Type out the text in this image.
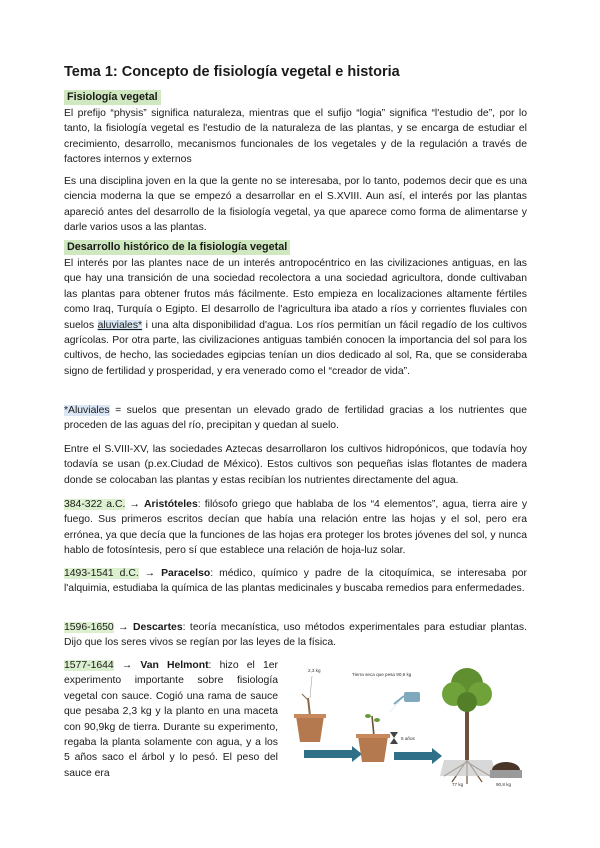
Tema 1: Concepto de fisiología vegetal e historia
Fisiología vegetal

El prefijo “physis” significa naturaleza, mientras que el sufijo “logia” significa “l'estudio de”, por lo tanto, la fisiología vegetal es l'estudio de la naturaleza de las plantas, y se encarga de estudiar el crecimiento, desarrollo, mecanismos funcionales de los vegetales y de la regulación a través de factores internos y externos

Es una disciplina joven en la que la gente no se interesaba, por lo tanto, podemos decir que es una ciencia moderna la que se empezó a desarrollar en el S.XVIII. Aun así, el interés por las plantas apareció antes del desarrollo de la fisiología vegetal, ya que aparece como forma de alimentarse y darle varios usos a las plantas.

Desarrollo histórico de la fisiología vegetal

El interés por las plantes nace de un interés antropocéntrico en las civilizaciones antiguas, en las que hay una transición de una sociedad recolectora a una sociedad agricultora, donde cultivaban las plantas para obtener frutos más fácilmente. Esto empieza en localizaciones altamente fértiles como Iraq, Turquía o Egipto. El desarrollo de l'agricultura iba atado a ríos y corrientes fluviales con suelos aluviales* i una alta disponibilidad d'agua. Los ríos permitían un fácil regadío de los cultivos agrícolas. Por otra parte, las civilizaciones antiguas también conocen la importancia del sol para los cultivos, de hecho, las sociedades egipcias tenían un dios dedicado al sol, Ra, que se consideraba signo de fertilidad y prosperidad, y era venerado como el “creador de vida”.

*Aluviales = suelos que presentan un elevado grado de fertilidad gracias a los nutrientes que proceden de las aguas del río, precipitan y quedan al suelo.

Entre el S.VIII-XV, las sociedades Aztecas desarrollaron los cultivos hidropónicos, que todavía hoy todavía se usan (p.ex.Ciudad de México). Estos cultivos son pequeñas islas flotantes de madera donde se colocaban las plantas y estas recibían los nutrientes directamente del agua.

384-322 a.C. → Aristóteles: filósofo griego que hablaba de los “4 elementos”, agua, tierra aire y fuego. Sus primeros escritos decían que había una relación entre las hojas y el sol, pero era errónea, ya que decía que la funciones de las hojas era proteger los brotes jóvenes del sol, y nunca hablo de fotosíntesis, pero sí que establece una relación de hoja-luz solar.

1493-1541 d.C. → Paracelso: médico, químico y padre de la citoquímica, se interesaba por l'alquimia, estudiaba la química de las plantas medicinales y buscaba remedios para enfermedades.

1596-1650 → Descartes: teoría mecanística, uso métodos experimentales para estudiar plantas. Dijo que los seres vivos se regían por las leyes de la física.

1577-1644 → Van Helmont: hizo el 1er experimento importante sobre fisiología vegetal con sauce. Cogió una rama de sauce que pesaba 2,3 kg y la planto en una maceta con 90,9kg de tierra. Durante su experimento, regaba la planta solamente con agua, y a los 5 años saco el árbol y lo pesó. El peso del sauce era

2,3 kg
Tierra seca que pesa 90,9 kg
5 años
77 kg	90,8 kg
